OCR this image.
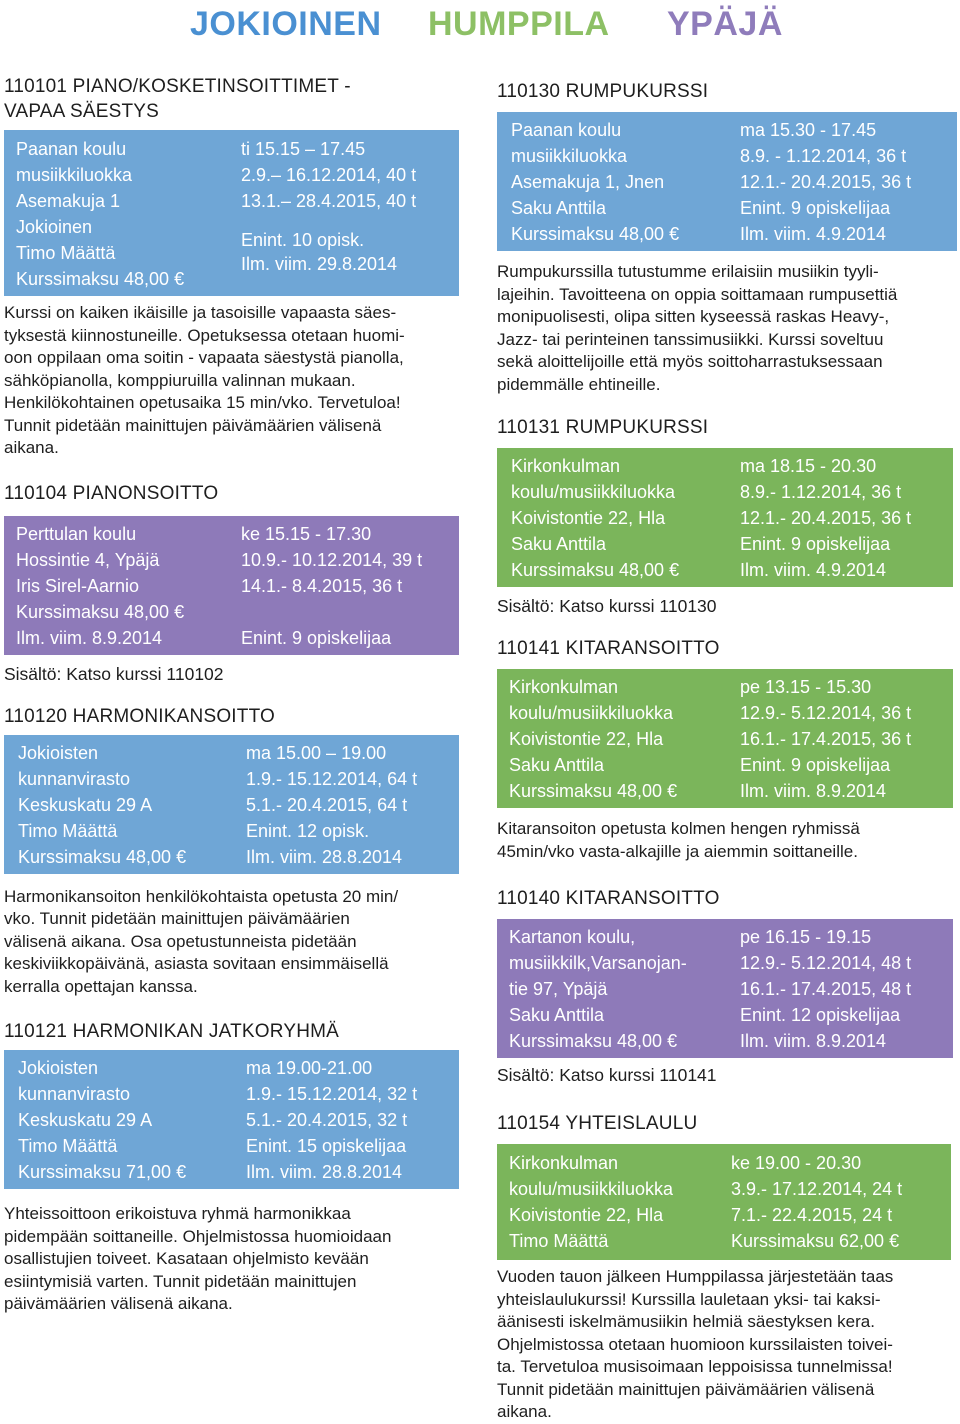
JOKIOINEN HUMPPILA YPÄJÄ
110101 PIANO/KOSKETINSOITTIMET -
VAPAA SÄESTYS
Paanan koulu
musiikkiluokka
Asemakuja 1
Jokioinen
Timo Määttä
Kurssimaksu 48,00 €
ti 15.15 – 17.45
2.9.– 16.12.2014, 40 t
13.1.– 28.4.2015, 40 t
Enint. 10 opisk.
Ilm. viim. 29.8.2014
Kurssi on kaiken ikäisille ja tasoisille vapaasta säes-
tyksestä kiinnostuneille. Opetuksessa otetaan huomi-
oon oppilaan oma soitin - vapaata säestystä pianolla,
sähköpianolla, komppiuruilla valinnan mukaan.
Henkilökohtainen opetusaika 15 min/vko. Tervetuloa!
Tunnit pidetään mainittujen päivämäärien välisenä
aikana.
110104 PIANONSOITTO
Perttulan koulu
Hossintie 4, Ypäjä
Iris Sirel-Aarnio
Kurssimaksu 48,00 €
Ilm. viim. 8.9.2014
ke 15.15 - 17.30
10.9.- 10.12.2014, 39 t
14.1.- 8.4.2015, 36 t
Enint. 9 opiskelijaa
Sisältö: Katso kurssi 110102
110120 HARMONIKANSOITTO
Jokioisten
kunnanvirasto
Keskuskatu 29 A
Timo Määttä
Kurssimaksu 48,00 €
ma 15.00 – 19.00
1.9.- 15.12.2014, 64 t
5.1.- 20.4.2015, 64 t
Enint. 12 opisk.
Ilm. viim. 28.8.2014
Harmonikansoiton henkilökohtaista opetusta 20 min/
vko. Tunnit pidetään mainittujen päivämäärien
välisenä aikana. Osa opetustunneista pidetään
keskiviikkopäivänä, asiasta sovitaan ensimmäisellä
kerralla opettajan kanssa.
110121 HARMONIKAN JATKORYHMÄ
Jokioisten
kunnanvirasto
Keskuskatu 29 A
Timo Määttä
Kurssimaksu 71,00 €
ma 19.00-21.00
1.9.- 15.12.2014, 32 t
5.1.- 20.4.2015, 32 t
Enint. 15 opiskelijaa
Ilm. viim. 28.8.2014
Yhteissoittoon erikoistuva ryhmä harmonikkaa
pidempään soittaneille. Ohjelmistossa huomioidaan
osallistujien toiveet. Kasataan ohjelmisto kevään
esiintymisiä varten. Tunnit pidetään mainittujen
päivämäärien välisenä aikana.
110130 RUMPUKURSSI
Paanan koulu
musiikkiluokka
Asemakuja 1, Jnen
Saku Anttila
Kurssimaksu 48,00 €
ma 15.30 - 17.45
8.9. - 1.12.2014, 36 t
12.1.- 20.4.2015, 36 t
Enint. 9 opiskelijaa
Ilm. viim. 4.9.2014
Rumpukurssilla tutustumme erilaisiin musiikin tyyli-
lajeihin. Tavoitteena on oppia soittamaan rumpusettiä
monipuolisesti, olipa sitten kyseessä raskas Heavy-,
Jazz- tai perinteinen tanssimusiikki. Kurssi soveltuu
sekä aloittelijoille että myös soittoharrastuksessaan
pidemmälle ehtineille.
110131 RUMPUKURSSI
Kirkonkulman
koulu/musiikkiluokka
Koivistontie 22, Hla
Saku Anttila
Kurssimaksu 48,00 €
ma 18.15 - 20.30
8.9.- 1.12.2014, 36 t
12.1.- 20.4.2015, 36 t
Enint. 9 opiskelijaa
Ilm. viim. 4.9.2014
Sisältö: Katso kurssi 110130
110141 KITARANSOITTO
Kirkonkulman
koulu/musiikkiluokka
Koivistontie 22, Hla
Saku Anttila
Kurssimaksu 48,00 €
pe 13.15 - 15.30
12.9.- 5.12.2014, 36 t
16.1.- 17.4.2015, 36 t
Enint. 9 opiskelijaa
Ilm. viim. 8.9.2014
Kitaransoiton opetusta kolmen hengen ryhmissä
45min/vko vasta-alkajille ja aiemmin soittaneille.
110140 KITARANSOITTO
Kartanon koulu,
musiikkilk,Varsanojan-
tie 97, Ypäjä
Saku Anttila
Kurssimaksu 48,00 €
pe 16.15 - 19.15
12.9.- 5.12.2014, 48 t
16.1.- 17.4.2015, 48 t
Enint. 12 opiskelijaa
Ilm. viim. 8.9.2014
Sisältö: Katso kurssi 110141
110154 YHTEISLAULU
Kirkonkulman
koulu/musiikkiluokka
Koivistontie 22, Hla
Timo Määttä
ke 19.00 - 20.30
3.9.- 17.12.2014, 24 t
7.1.- 22.4.2015, 24 t
Kurssimaksu 62,00 €
Vuoden tauon jälkeen Humppilassa järjestetään taas
yhteislaulukurssi! Kurssilla lauletaan yksi- tai kaksi-
äänisesti iskelmämusiikin helmiä säestyksen kera.
Ohjelmistossa otetaan huomioon kurssilaisten toivei-
ta. Tervetuloa musisoimaan leppoisissa tunnelmissa!
Tunnit pidetään mainittujen päivämäärien välisenä
aikana.
